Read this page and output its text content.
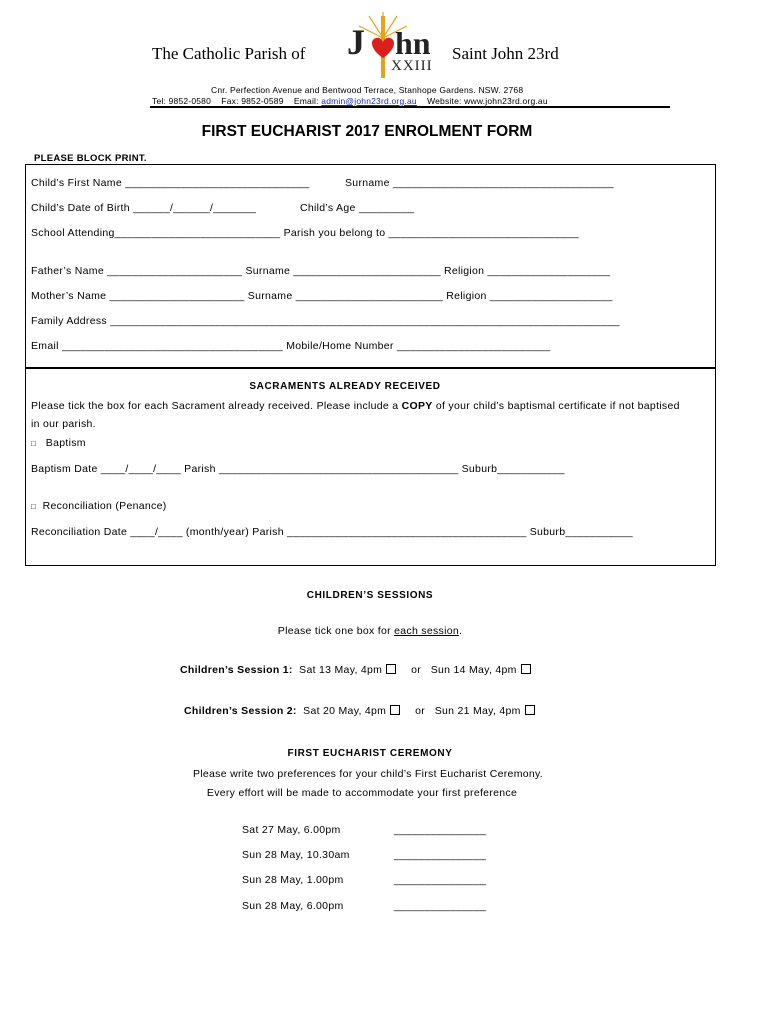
The Catholic Parish of J hn
XXIII
Saint John 23rd
Cnr. Perfection Avenue and Bentwood Terrace, Stanhope Gardens. NSW. 2768
Tel: 9852-0580 Fax: 9852-0589 Email: admin@john23rd.org.au Website: www.john23rd.org.au
FIRST EUCHARIST 2017 ENROLMENT FORM
PLEASE BLOCK PRINT.
Child’s First Name ______________________________	Surname ____________________________________
Child’s Date of Birth ______/______/_______	Child’s Age _________
School Attending___________________________ Parish you belong to _______________________________
Father’s Name ______________________ Surname ________________________ Religion ____________________
Mother’s Name ______________________ Surname ________________________ Religion ____________________
Family Address ___________________________________________________________________________________
Email ____________________________________ Mobile/Home Number _________________________
SACRAMENTS ALREADY RECEIVED
Please tick the box for each Sacrament already received. Please include a COPY of your child’s baptismal certificate if not baptised
in our parish.
□ Baptism
Baptism Date ____/____/____ Parish _______________________________________ Suburb___________
□ Reconciliation (Penance)
Reconciliation Date ____/____ (month/year) Parish _______________________________________ Suburb___________
CHILDREN’S SESSIONS
Please tick one box for each session.
Children’s Session 1: Sat 13 May, 4pm	or Sun 14 May, 4pm
Children’s Session 2: Sat 20 May, 4pm	or Sun 21 May, 4pm
FIRST EUCHARIST CEREMONY
Please write two preferences for your child’s First Eucharist Ceremony.
Every effort will be made to accommodate your first preference
Sat 27 May, 6.00pm	_______________
Sun 28 May, 10.30am	_______________
Sun 28 May, 1.00pm	_______________
Sun 28 May, 6.00pm	_______________
